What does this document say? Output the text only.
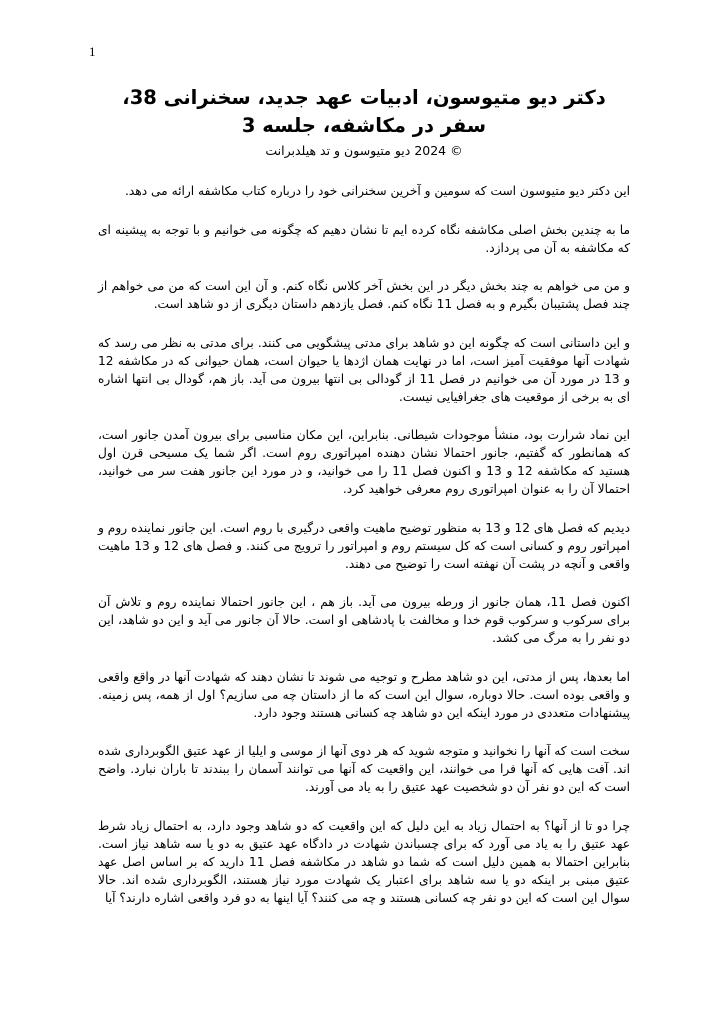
1
دکتر دیو متیوسون، ادبیات عهد جدید، سخنرانی 38، سفر در مکاشفه، جلسه 3

© 2024 دیو متیوسون و تد هیلدبرانت

این دکتر دیو متیوسون است که سومین و آخرین سخنرانی خود را درباره کتاب مکاشفه ارائه می دهد.

ما به چندین بخش اصلی مکاشفه نگاه کرده ایم تا نشان دهیم که چگونه می خوانیم و با توجه به پیشینه ای که مکاشفه به آن می پردازد.

و من می خواهم به چند بخش دیگر در این بخش آخر کلاس نگاه کنم. و آن این است که من می خواهم از چند فصل پشتیبان بگیرم و به فصل 11 نگاه کنم. فصل یازدهم داستان دیگری از دو شاهد است.

و این داستانی است که چگونه این دو شاهد برای مدتی پیشگویی می کنند. برای مدتی به نظر می رسد که شهادت آنها موفقیت آمیز است، اما در نهایت همان اژدها یا حیوان است، همان حیوانی که در مکاشفه 12 و 13 در مورد آن می خوانیم در فصل 11 از گودالی بی انتها بیرون می آید. باز هم، گودال بی انتها اشاره ای به برخی از موقعیت های جغرافیایی نیست.

این نماد شرارت بود، منشأ موجودات شیطانی. بنابراین، این مکان مناسبی برای بیرون آمدن جانور است، که همانطور که گفتیم، جانور احتمالا نشان دهنده امپراتوری روم است. اگر شما یک مسیحی قرن اول هستید که مکاشفه 12 و 13 و اکنون فصل 11 را می خوانید، و در مورد این جانور هفت سر می خوانید، احتمالا آن را به عنوان امپراتوری روم معرفی خواهید کرد.

دیدیم که فصل های 12 و 13 به منظور توضیح ماهیت واقعی درگیری با روم است. این جانور نماینده روم و امپراتور روم و کسانی است که کل سیستم روم و امپراتور را ترویج می کنند. و فصل های 12 و 13 ماهیت واقعی و آنچه در پشت آن نهفته است را توضیح می دهند.

اکنون فصل 11، همان جانور از ورطه بیرون می آید. باز هم ، این جانور احتمالا نماینده روم و تلاش آن برای سرکوب و سرکوب قوم خدا و مخالفت با پادشاهی او است. حالا آن جانور می آید و این دو شاهد، این دو نفر را به مرگ می کشد.

اما بعدها، پس از مدتی، این دو شاهد مطرح و توجیه می شوند تا نشان دهند که شهادت آنها در واقع واقعی و واقعی بوده است. حالا دوباره، سوال این است که ما از داستان چه می سازیم؟ اول از همه، پس زمینه. پیشنهادات متعددی در مورد اینکه این دو شاهد چه کسانی هستند وجود دارد.

سخت است که آنها را نخوانید و متوجه شوید که هر دوی آنها از موسی و ایلیا از عهد عتیق الگوبرداری شده اند. آفت هایی که آنها فرا می خوانند، این واقعیت که آنها می توانند آسمان را ببندند تا باران نبارد. واضح است که این دو نفر آن دو شخصیت عهد عتیق را به یاد می آورند.

چرا دو تا از آنها؟ به احتمال زیاد به این دلیل که این واقعیت که دو شاهد وجود دارد، به احتمال زیاد شرط عهد عتیق را به یاد می آورد که برای چسباندن شهادت در دادگاه عهد عتیق به دو یا سه شاهد نیاز است. بنابراین احتمالا به همین دلیل است که شما دو شاهد در مکاشفه فصل 11 دارید که بر اساس اصل عهد عتیق مبنی بر اینکه دو یا سه شاهد برای اعتبار یک شهادت مورد نیاز هستند، الگوبرداری شده اند. حالا سوال این است که این دو نفر چه کسانی هستند و چه می کنند؟ آیا اینها به دو فرد واقعی اشاره دارند؟ آیا
